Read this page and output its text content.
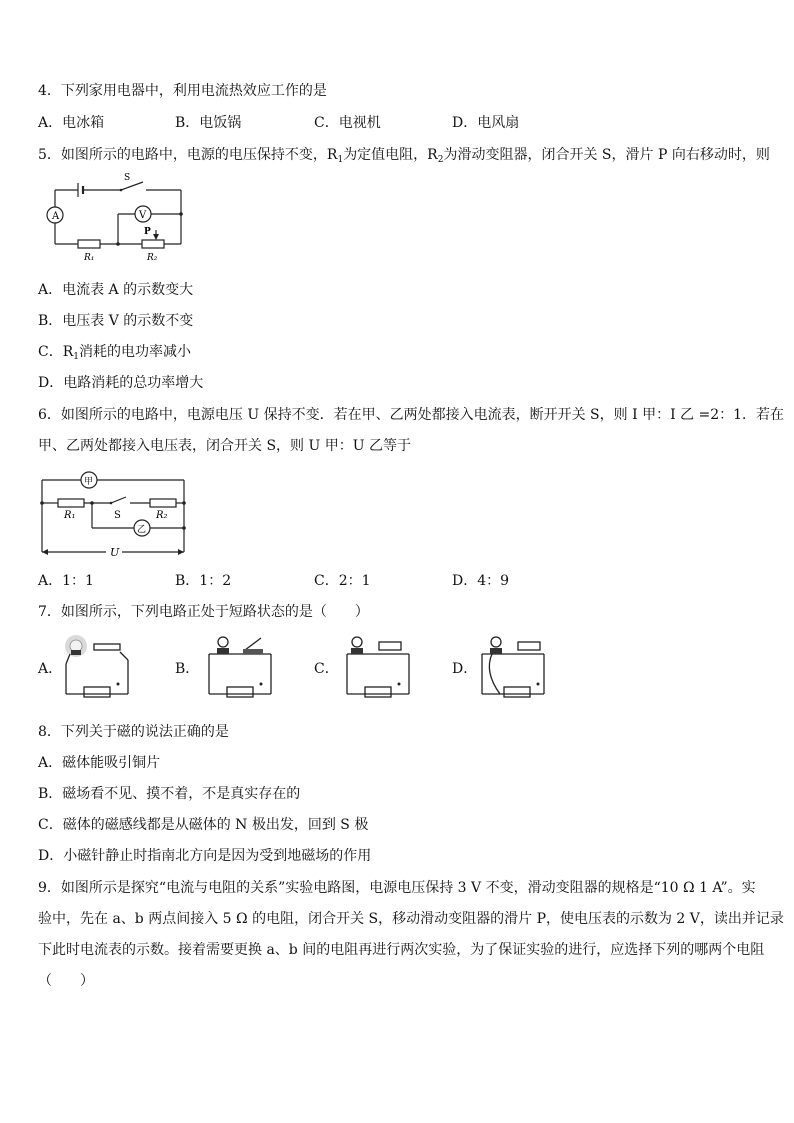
4．下列家用电器中，利用电流热效应工作的是
A．电冰箱	B．电饭锅	C．电视机	D．电风扇
5．如图所示的电路中，电源的电压保持不变，$R_1$为定值电阻，$R_2$为滑动变阻器，闭合开关 S，滑片 P 向右移动时，则
A	V
S
P
R₁	R₂
A．电流表 A 的示数变大
B．电压表 V 的示数不变
C．$R_1$消耗的电功率减小
D．电路消耗的总功率增大
6．如图所示的电路中，电源电压 U 保持不变．若在甲、乙两处都接入电流表，断开开关 S，则 I 甲：I 乙 =2：1．若在
甲、乙两处都接入电压表，闭合开关 S，则 U 甲：U 乙等于
甲
乙
R₁	R₂
S
U
A．1：1	B．1：2	C．2：1	D．4：9
7．如图所示，下列电路正处于短路状态的是（　　）
A．	B．	C．	D．
8．下列关于磁的说法正确的是
A．磁体能吸引铜片
B．磁场看不见、摸不着，不是真实存在的
C．磁体的磁感线都是从磁体的 N 极出发，回到 S 极
D．小磁针静止时指南北方向是因为受到地磁场的作用
9．如图所示是探究“电流与电阻的关系”实验电路图，电源电压保持 3 V 不变，滑动变阻器的规格是“10 Ω 1 A”。实
验中，先在 a、b 两点间接入 5 Ω 的电阻，闭合开关 S，移动滑动变阻器的滑片 P，使电压表的示数为 2 V，读出并记录
下此时电流表的示数。接着需要更换 a、b 间的电阻再进行两次实验，为了保证实验的进行，应选择下列的哪两个电阻
（　　）
